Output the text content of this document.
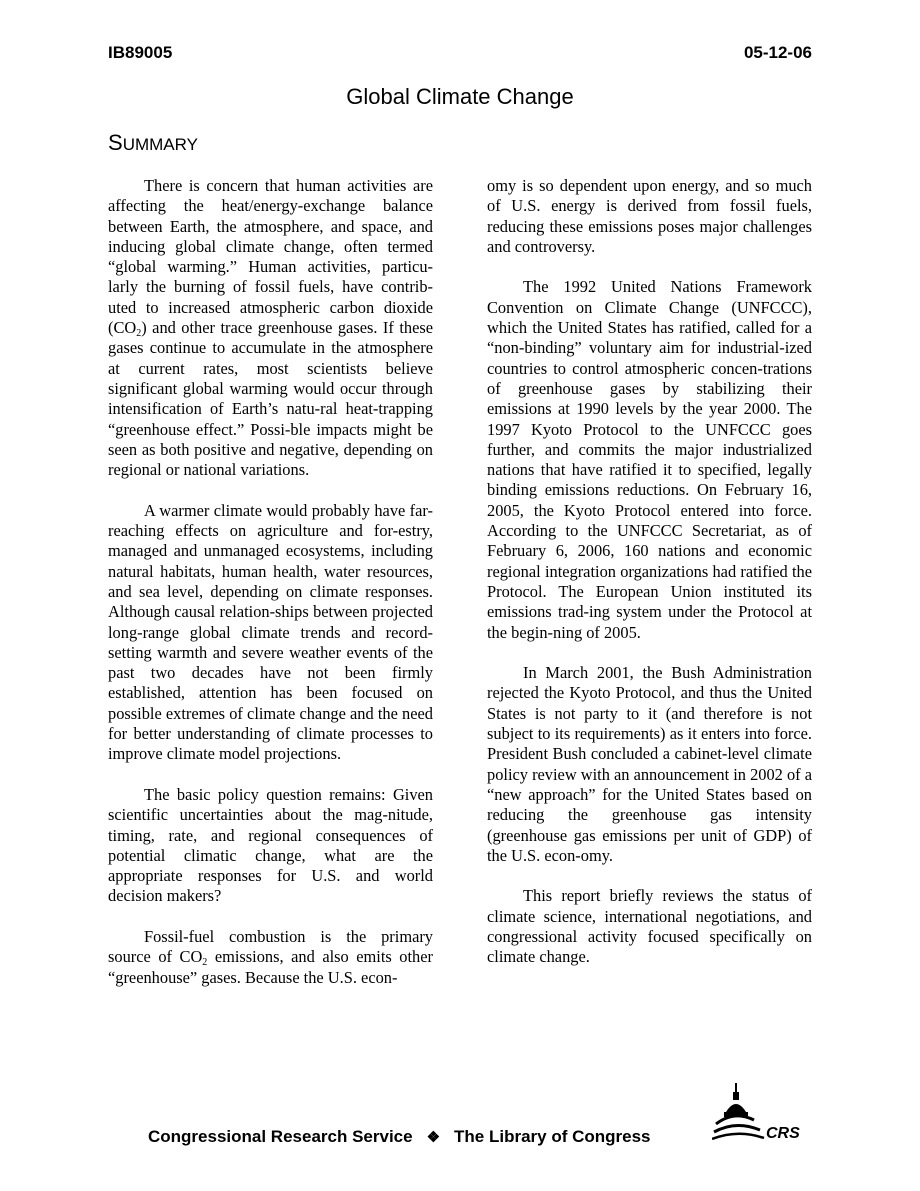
IB89005	05-12-06
Global Climate Change
SUMMARY

There is concern that human activities are affecting the heat/energy-exchange balance between Earth, the atmosphere, and space, and inducing global climate change, often termed “global warming.” Human activities, particu-larly the burning of fossil fuels, have contrib-uted to increased atmospheric carbon dioxide $(CO_2)$ and other trace greenhouse gases. If these gases continue to accumulate in the atmosphere at current rates, most scientists believe significant global warming would occur through intensification of Earth’s natu-ral heat-trapping “greenhouse effect.” Possi-ble impacts might be seen as both positive and negative, depending on regional or national variations.

A warmer climate would probably have far-reaching effects on agriculture and for-estry, managed and unmanaged ecosystems, including natural habitats, human health, water resources, and sea level, depending on climate responses. Although causal relation-ships between projected long-range global climate trends and record-setting warmth and severe weather events of the past two decades have not been firmly established, attention has been focused on possible extremes of climate change and the need for better understanding of climate processes to improve climate model projections.

The basic policy question remains: Given scientific uncertainties about the mag-nitude, timing, rate, and regional consequences of potential climatic change, what are the appropriate responses for U.S. and world decision makers?

Fossil-fuel combustion is the primary source of $CO_2$ emissions, and also emits other “greenhouse” gases. Because the U.S. econ-

omy is so dependent upon energy, and so much of U.S. energy is derived from fossil fuels, reducing these emissions poses major challenges and controversy.

The 1992 United Nations Framework Convention on Climate Change (UNFCCC), which the United States has ratified, called for a “non-binding” voluntary aim for industrial-ized countries to control atmospheric concen-trations of greenhouse gases by stabilizing their emissions at 1990 levels by the year 2000. The 1997 Kyoto Protocol to the UNFCCC goes further, and commits the major industrialized nations that have ratified it to specified, legally binding emissions reductions. On February 16, 2005, the Kyoto Protocol entered into force. According to the UNFCCC Secretariat, as of February 6, 2006, 160 nations and economic regional integration organizations had ratified the Protocol. The European Union instituted its emissions trad-ing system under the Protocol at the begin-ning of 2005.

In March 2001, the Bush Administration rejected the Kyoto Protocol, and thus the United States is not party to it (and therefore is not subject to its requirements) as it enters into force. President Bush concluded a cabinet-level climate policy review with an announcement in 2002 of a “new approach” for the United States based on reducing the greenhouse gas intensity (greenhouse gas emissions per unit of GDP) of the U.S. econ-omy.

This report briefly reviews the status of climate science, international negotiations, and congressional activity focused specifically on climate change.

Congressional Research Service ❖ The Library of Congress	CRS
